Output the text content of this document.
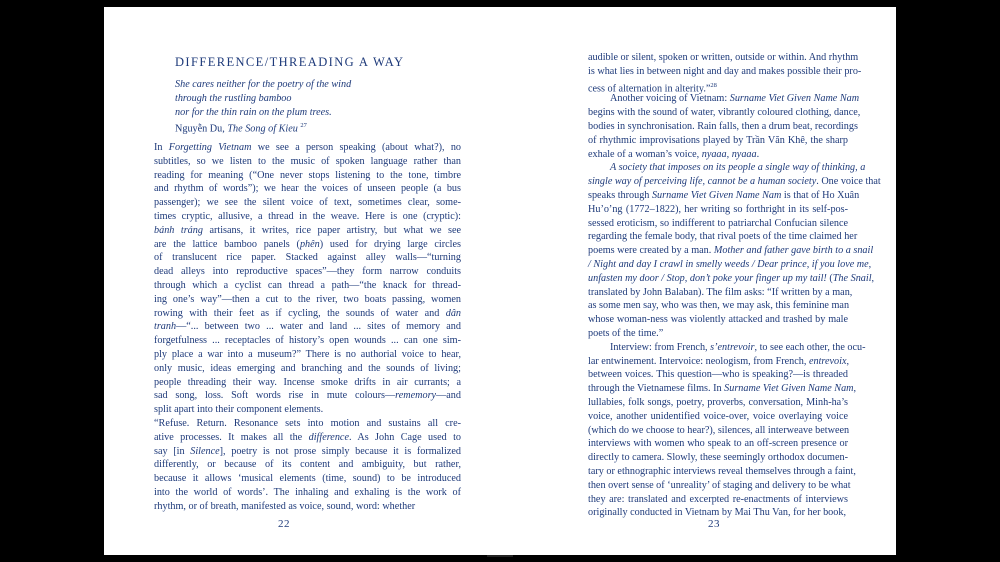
DIFFERENCE/THREADING A WAY
She cares neither for the poetry of the wind
through the rustling bamboo
nor for the thin rain on the plum trees.
Nguyễn Du, The Song of Kieu $^{27}$
In Forgetting Vietnam we see a person speaking (about what?), no
subtitles, so we listen to the music of spoken language rather than
reading for meaning (“One never stops listening to the tone, timbre
and rhythm of words”); we hear the voices of unseen people (a bus
passenger); we see the silent voice of text, sometimes clear, some-
times cryptic, allusive, a thread in the weave. Here is one (cryptic):
bánh tráng artisans, it writes, rice paper artistry, but what we see
are the lattice bamboo panels (phên) used for drying large circles
of translucent rice paper. Stacked against alley walls—“turning
dead alleys into reproductive spaces”—they form narrow conduits
through which a cyclist can thread a path—“the knack for thread-
ing one’s way”—then a cut to the river, two boats passing, women
rowing with their feet as if cycling, the sounds of water and dân
tranh—“... between two ... water and land ... sites of memory and
forgetfulness ... receptacles of history’s open wounds ... can one sim-
ply place a war into a museum?” There is no authorial voice to hear,
only music, ideas emerging and branching and the sounds of living;
people threading their way. Incense smoke drifts in air currants; a
sad song, loss. Soft words rise in mute colours—rememory—and
split apart into their component elements.
“Refuse. Return. Resonance sets into motion and sustains all cre-
ative processes. It makes all the difference. As John Cage used to
say [in Silence], poetry is not prose simply because it is formalized
differently, or because of its content and ambiguity, but rather,
because it allows ‘musical elements (time, sound) to be introduced
into the world of words’. The inhaling and exhaling is the work of
rhythm, or of breath, manifested as voice, sound, word: whether
22
audible or silent, spoken or written, outside or within. And rhythm
is what lies in between night and day and makes possible their pro-
cess of alternation in alterity.”$^{28}$
Another voicing of Vietnam: Surname Viet Given Name Nam
begins with the sound of water, vibrantly coloured clothing, dance,
bodies in synchronisation. Rain falls, then a drum beat, recordings
of rhythmic improvisations played by Trần Văn Khê, the sharp
exhale of a woman’s voice, nyaaa, nyaaa.
A society that imposes on its people a single way of thinking, a
single way of perceiving life, cannot be a human society. One voice that
speaks through Surname Viet Given Name Nam is that of Ho Xuân
Hu’o’ng (1772–1822), her writing so forthright in its self-pos-
sessed eroticism, so indifferent to patriarchal Confucian silence
regarding the female body, that rival poets of the time claimed her
poems were created by a man. Mother and father gave birth to a snail
/ Night and day I crawl in smelly weeds / Dear prince, if you love me,
unfasten my door / Stop, don’t poke your finger up my tail! (The Snail,
translated by John Balaban). The film asks: “If written by a man,
as some men say, who was then, we may ask, this feminine man
whose woman-ness was violently attacked and trashed by male
poets of the time.”
Interview: from French, s’entrevoir, to see each other, the ocu-
lar entwinement. Intervoice: neologism, from French, entrevoix,
between voices. This question—who is speaking?—is threaded
through the Vietnamese films. In Surname Viet Given Name Nam,
lullabies, folk songs, poetry, proverbs, conversation, Minh-ha’s
voice, another unidentified voice-over, voice overlaying voice
(which do we choose to hear?), silences, all interweave between
interviews with women who speak to an off-screen presence or
directly to camera. Slowly, these seemingly orthodox documen-
tary or ethnographic interviews reveal themselves through a faint,
then overt sense of ‘unreality’ of staging and delivery to be what
they are: translated and excerpted re-enactments of interviews
originally conducted in Vietnam by Mai Thu Van, for her book,
23
